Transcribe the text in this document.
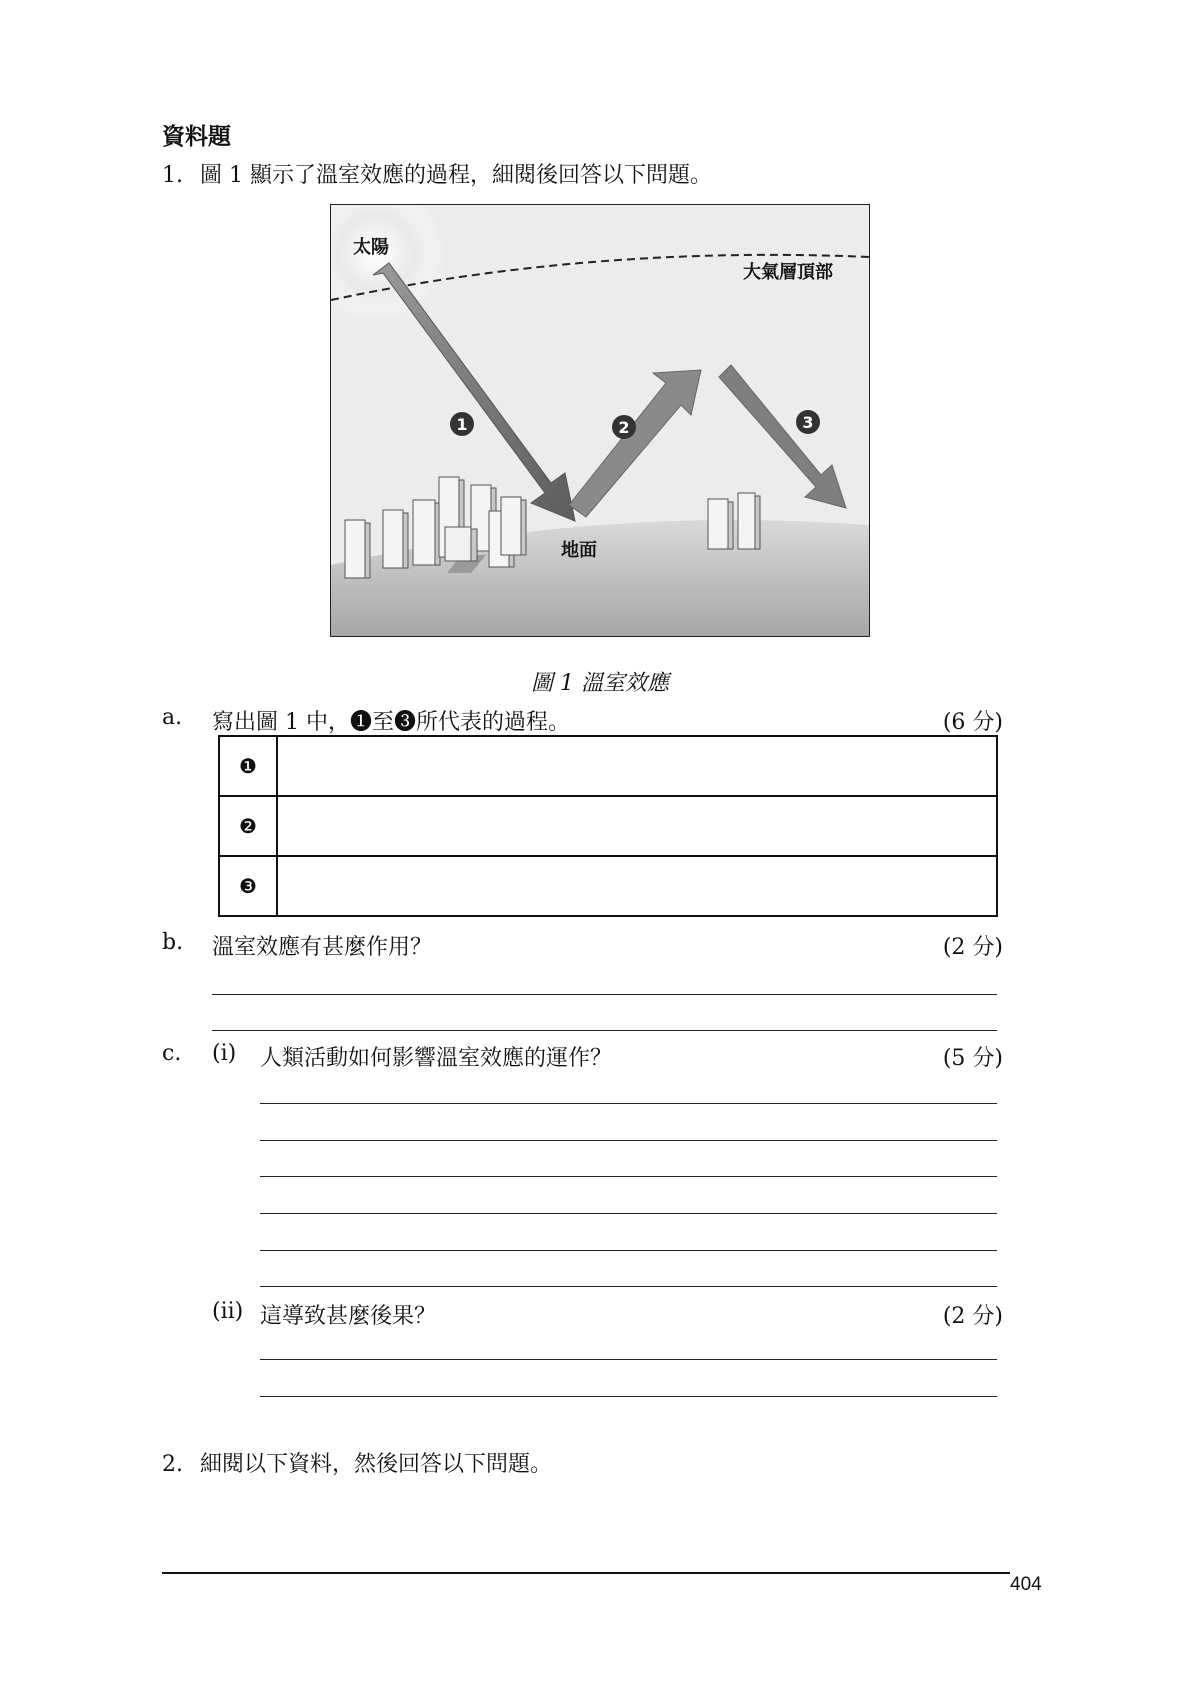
資料題
1. 圖 1 顯示了溫室效應的過程，細閱後回答以下問題。
1	2	3
太陽
大氣層頂部
地面
圖 1 溫室效應
a. 寫出圖 1 中，❶至❸所代表的過程。	(6 分)
❶	
❷	
❸	
b. 溫室效應有甚麼作用？	(2 分)
c. (i) 人類活動如何影響溫室效應的運作？	(5 分)
(ii) 這導致甚麼後果？	(2 分)
2. 細閱以下資料，然後回答以下問題。
404
